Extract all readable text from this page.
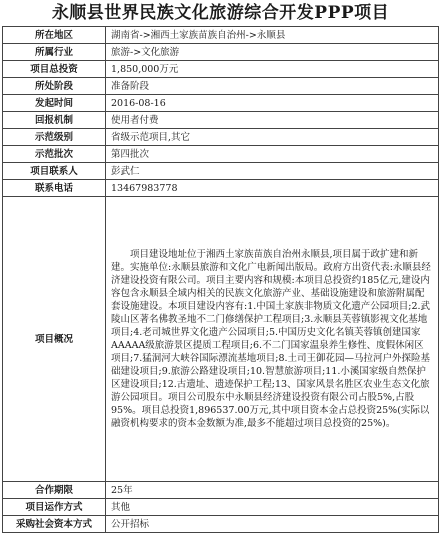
永顺县世界民族文化旅游综合开发PPP项目
所在地区	湖南省->湘西土家族苗族自治州->永顺县
所属行业	旅游->文化旅游
项目总投资	1,850,000万元
所处阶段	准备阶段
发起时间	2016-08-16
回报机制	使用者付费
示范级别	省级示范项目,其它
示范批次	第四批次
项目联系人	彭武仁
联系电话	13467983778
项目概况	项目建设地址位于湘西土家族苗族自治州永顺县,项目属于政扩建和新建。实施单位:永顺县旅游和文化广电新闻出版局。政府方出资代表:永顺县经济建设投资有限公司。项目主要内容和规模:本项目总投资约185亿元,建设内容包含永顺县全域内相关的民族文化旅游产业、基础设施建设和旅游附属配套设施建设。本项目建设内容有:1.中国土家族非物质文化遗产公园项目;2.武陵山区著名佛教圣地不二门修缮保护工程项目;3.永顺县芙蓉镇影视文化基地项目;4.老司城世界文化遗产公园项目;5.中国历史文化名镇芙蓉镇创建国家AAAAA级旅游景区提质工程项目;6.不二门国家温泉养生修性、度假休闲区项目;7.猛洞河大峡谷国际漂流基地项目;8.土司王御花园—马拉河户外探险基础建设项目;9.旅游公路建设项目;10.智慧旅游项目;11.小溪国家级自然保护区建设项目;12.古遗址、遗迹保护工程;13、国家风景名胜区农业生态文化旅游公园项目。项目公司股东中永顺县经济建设投资有限公司占股5%,占股95%。项目总投资1,896537.00万元,其中项目资本金占总投资25%(实际以融资机构要求的资本金数额为准,最多不能超过项目总投资的25%)。
合作期限	25年
项目运作方式	其他
采购社会资本方式	公开招标
